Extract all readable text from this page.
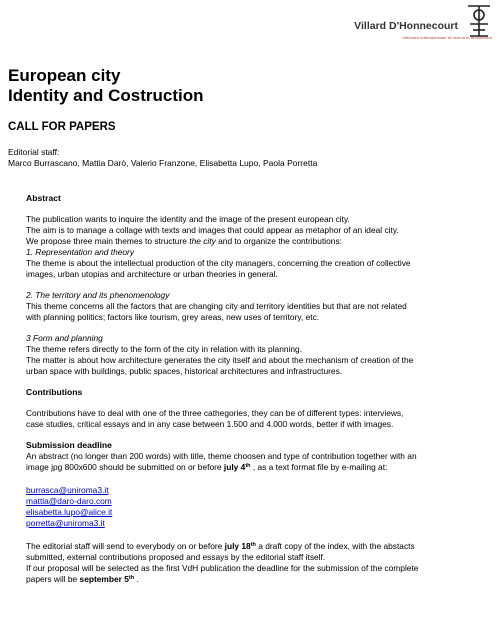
Villard D'Honnecourt
dottorato internazionale di ricerca in architettura
European city
Identity and Costruction
CALL FOR PAPERS
Editorial staff:
Marco Burrascano, Mattia Darò, Valerio Franzone, Elisabetta Lupo, Paola Porretta

Abstract

The publication wants to inquire the identity and the image of the present european city.

The aim is to manage a collage with texts and images that could appear as metaphor of an ideal city.

We propose three main themes to structure the city and to organize the contributions:

1. Representation and theory

The theme is about the intellectual production of the city managers, concerning the creation of collective

images, urban utopias and architecture or urban theories in general.

2. The territory and its phenomenology

This theme concerns all the factors that are changing city and territory identities but that are not related

with planning politics; factors like tourism, grey areas, new uses of territory, etc.

3 Form and planning

The theme refers directly to the form of the city in relation with its planning.

The matter is about how architecture generates the city itself and about the mechanism of creation of the

urban space with buildings, public spaces, historical architectures and infrastructures.

Contributions

Contributions have to deal with one of the three cathegories, they can be of different types: interviews,

case studies, critical essays and in any case between 1.500 and 4.000 words, better if with images.

Submission deadline

An abstract (no longer than 200 words) with title, theme choosen and type of contribution together with an

image jpg 800x600 should be submitted on or before july 4th , as a text format file by e-mailing at:

burrasca@uniroma3.it
mattia@daro-daro.com
elisabetta.lupo@alice.it
porretta@uniroma3.it

The editorial staff will send to everybody on or before july 18th a draft copy of the index, with the abstacts

submitted, external contributions proposed and essays by the editorial staff itself.

If our proposal will be selected as the first VdH publication the deadline for the submission of the complete

papers will be september 5th .
